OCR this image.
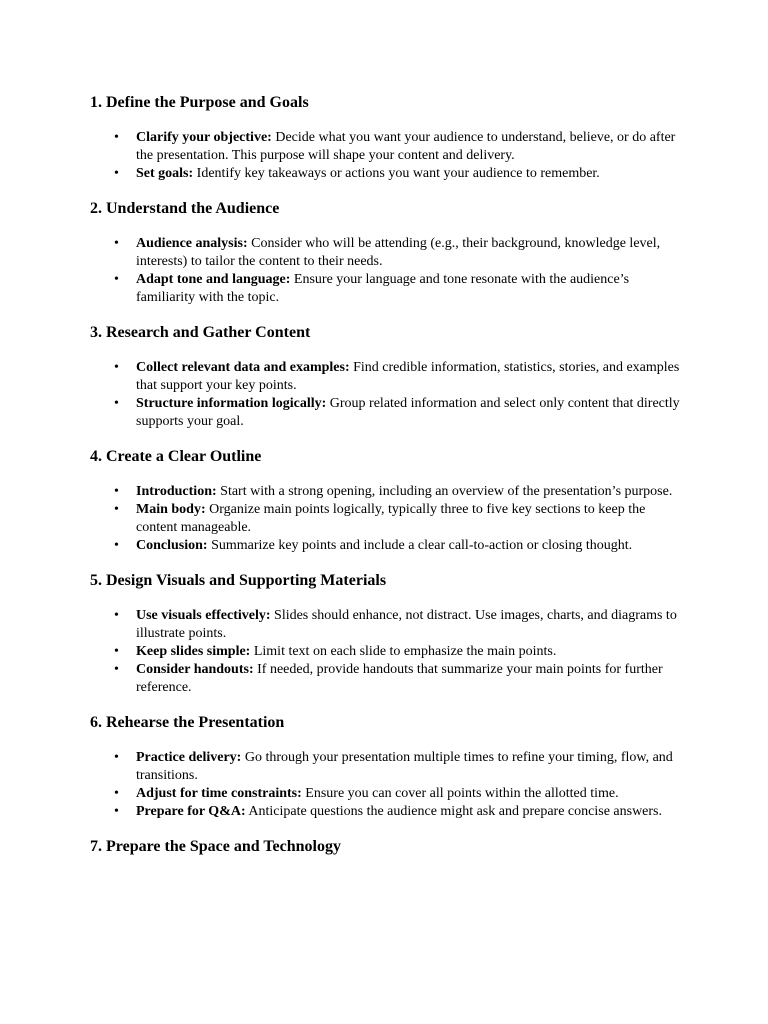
1. Define the Purpose and Goals
• Clarify your objective: Decide what you want your audience to understand, believe, or do after the presentation. This purpose will shape your content and delivery.
• Set goals: Identify key takeaways or actions you want your audience to remember.
2. Understand the Audience
• Audience analysis: Consider who will be attending (e.g., their background, knowledge level, interests) to tailor the content to their needs.
• Adapt tone and language: Ensure your language and tone resonate with the audience’s familiarity with the topic.
3. Research and Gather Content
• Collect relevant data and examples: Find credible information, statistics, stories, and examples that support your key points.
• Structure information logically: Group related information and select only content that directly supports your goal.
4. Create a Clear Outline
• Introduction: Start with a strong opening, including an overview of the presentation’s purpose.
• Main body: Organize main points logically, typically three to five key sections to keep the content manageable.
• Conclusion: Summarize key points and include a clear call-to-action or closing thought.
5. Design Visuals and Supporting Materials
• Use visuals effectively: Slides should enhance, not distract. Use images, charts, and diagrams to illustrate points.
• Keep slides simple: Limit text on each slide to emphasize the main points.
• Consider handouts: If needed, provide handouts that summarize your main points for further reference.
6. Rehearse the Presentation
• Practice delivery: Go through your presentation multiple times to refine your timing, flow, and transitions.
• Adjust for time constraints: Ensure you can cover all points within the allotted time.
• Prepare for Q&A: Anticipate questions the audience might ask and prepare concise answers.
7. Prepare the Space and Technology
